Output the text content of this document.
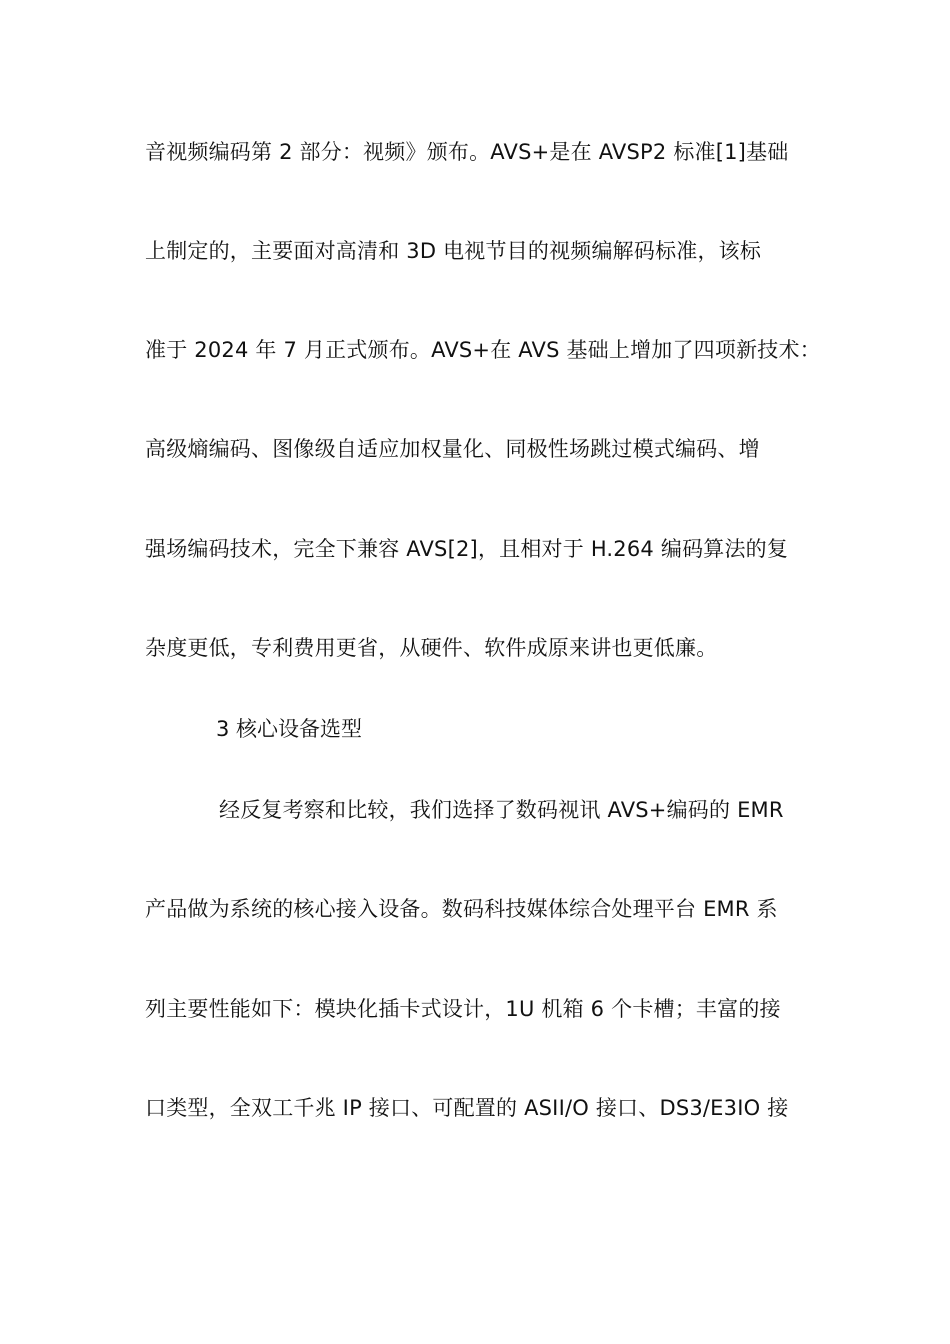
音视频编码第 2 部分：视频》颁布。AVS+是在 AVSP2 标准[1]基础
上制定的，主要面对高清和 3D 电视节目的视频编解码标准，该标
准于 2024 年 7 月正式颁布。AVS+在 AVS 基础上增加了四项新技术：
高级熵编码、图像级自适应加权量化、同极性场跳过模式编码、增
强场编码技术，完全下兼容 AVS[2]，且相对于 H.264 编码算法的复
杂度更低，专利费用更省，从硬件、软件成原来讲也更低廉。
3 核心设备选型
经反复考察和比较，我们选择了数码视讯 AVS+编码的 EMR
产品做为系统的核心接入设备。数码科技媒体综合处理平台 EMR 系
列主要性能如下：模块化插卡式设计，1U 机箱 6 个卡槽；丰富的接
口类型，全双工千兆 IP 接口、可配置的 ASII/O 接口、DS3/E3IO 接
